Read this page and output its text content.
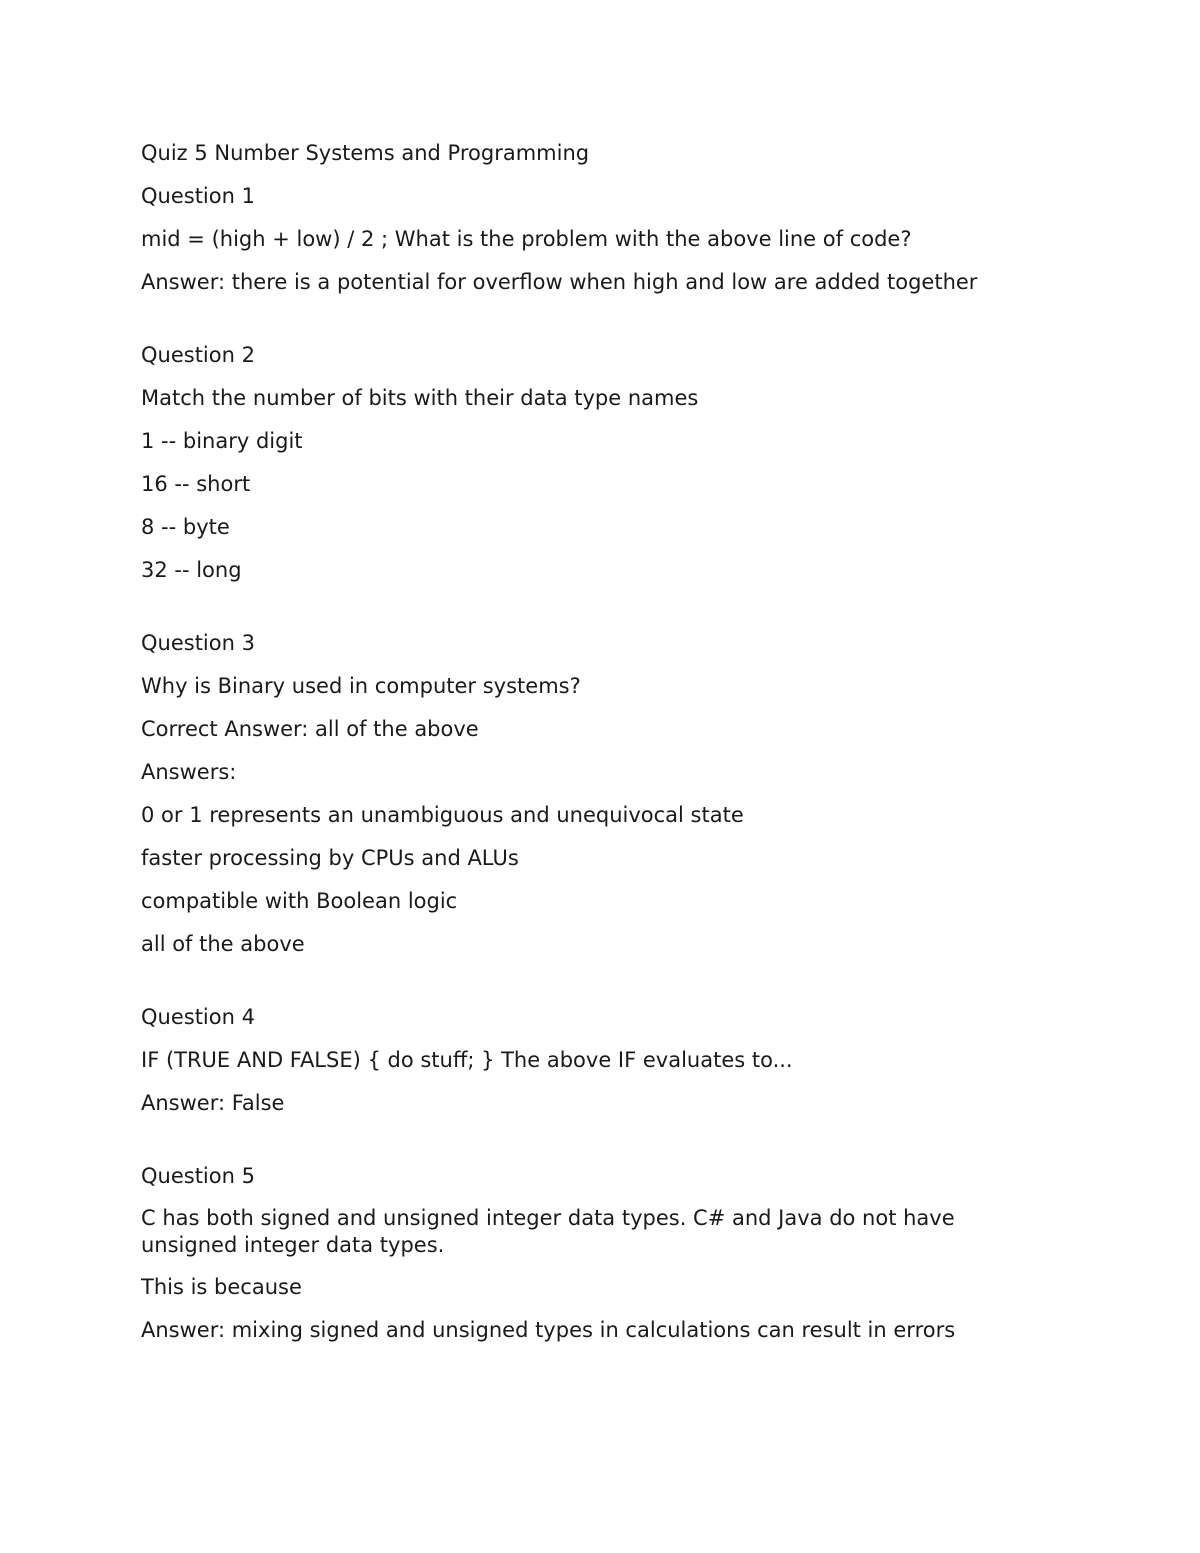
Quiz 5 Number Systems and Programming

Question 1

mid = (high + low) / 2 ; What is the problem with the above line of code?

Answer: there is a potential for overflow when high and low are added together

Question 2

Match the number of bits with their data type names

1 -- binary digit

16 -- short

8 -- byte

32 -- long

Question 3

Why is Binary used in computer systems?

Correct Answer: all of the above

Answers:

0 or 1 represents an unambiguous and unequivocal state

faster processing by CPUs and ALUs

compatible with Boolean logic

all of the above

Question 4

IF (TRUE AND FALSE) { do stuff; } The above IF evaluates to...

Answer: False

Question 5

C has both signed and unsigned integer data types. C# and Java do not have unsigned integer data types.

This is because

Answer: mixing signed and unsigned types in calculations can result in errors
